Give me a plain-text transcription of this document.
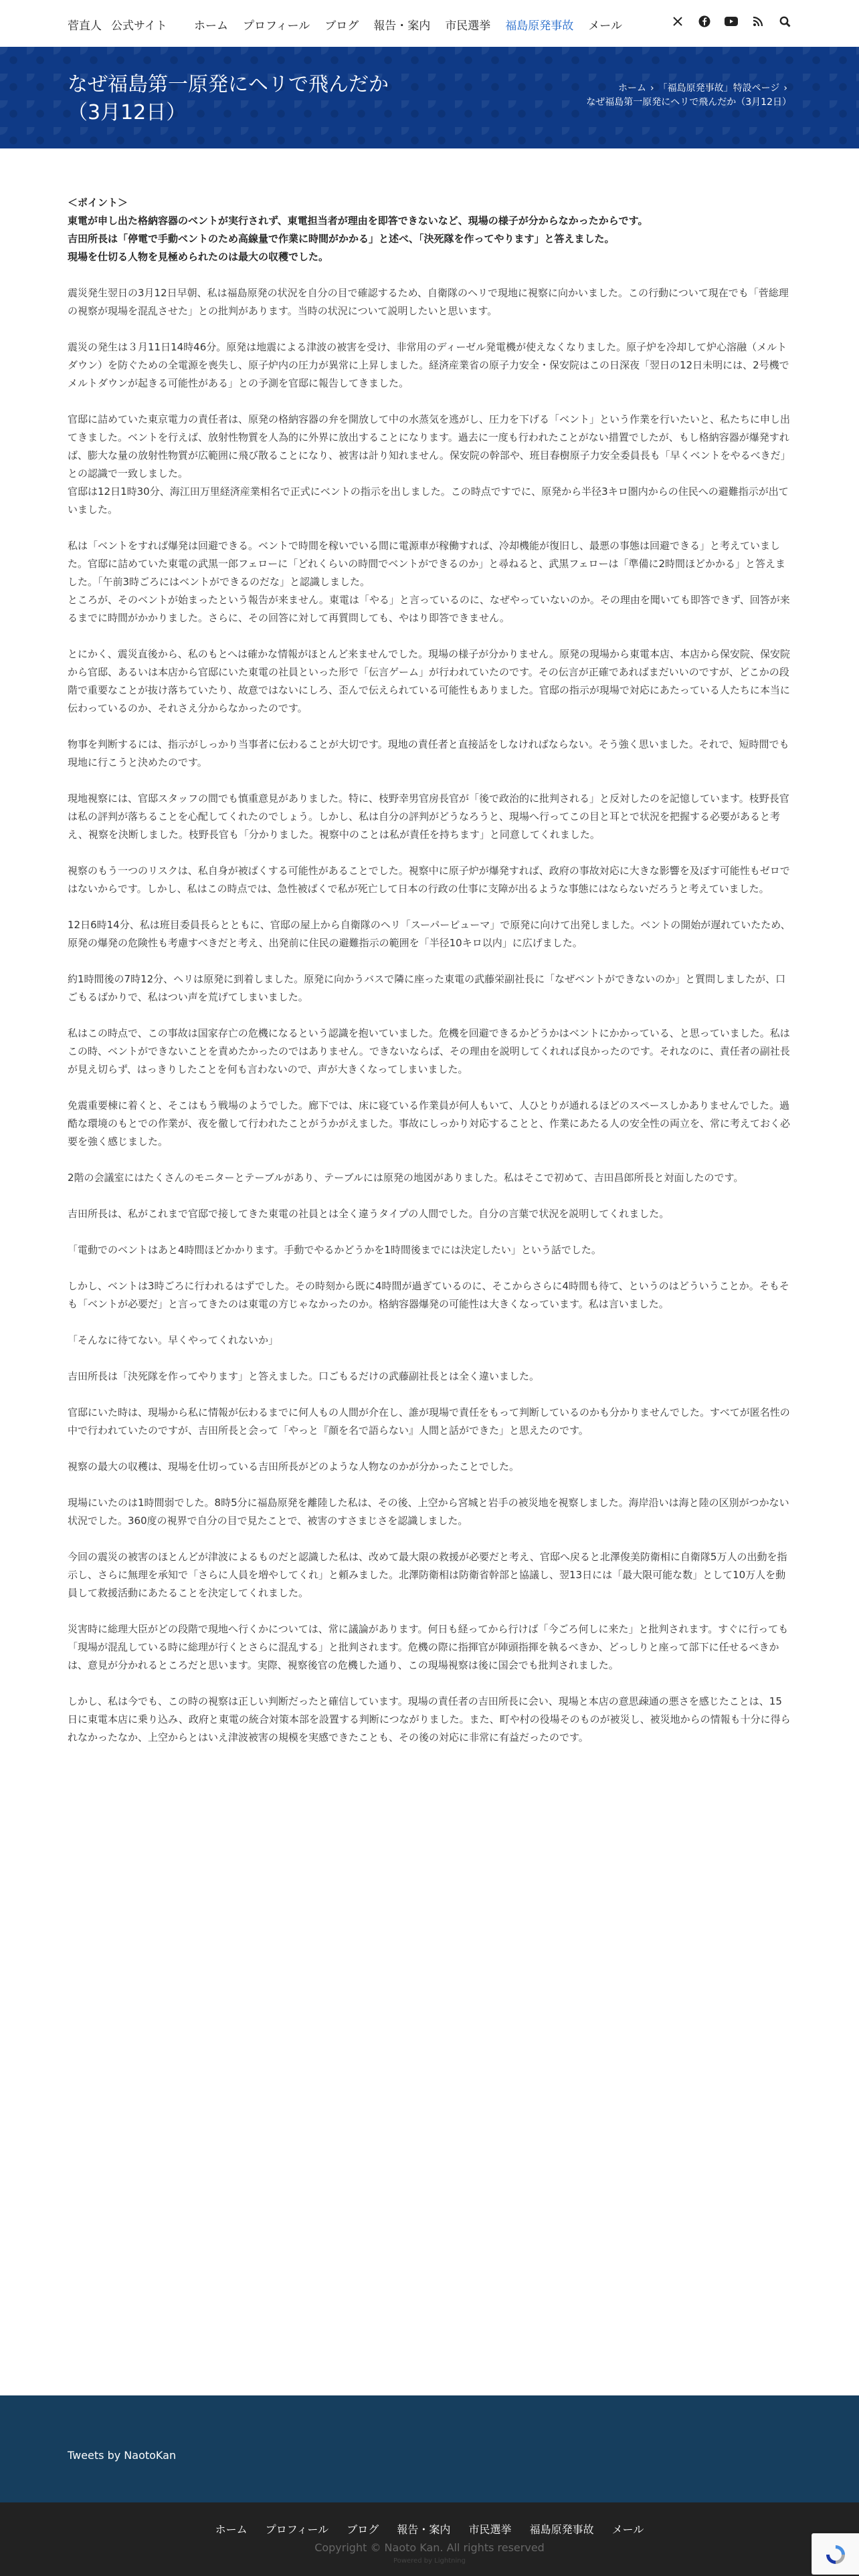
菅直人 公式サイト	ホーム プロフィール ブログ 報告・案内 市民選挙 福島原発事故 メール
なぜ福島第一原発にヘリで飛んだか
（3月12日）
ホーム › 「福島原発事故」特設ページ ›
なぜ福島第一原発にヘリで飛んだか（3月12日）

＜ポイント＞
東電が申し出た格納容器のベントが実行されず、東電担当者が理由を即答できないなど、現場の様子が分からなかったからです。
吉田所長は「停電で手動ベントのため高線量で作業に時間がかかる」と述べ、「決死隊を作ってやります」と答えました。
現場を仕切る人物を見極められたのは最大の収穫でした。

震災発生翌日の3月12日早朝、私は福島原発の状況を自分の目で確認するため、自衛隊のヘリで現地に視察に向かいました。この行動について現在でも「菅総理の視察が現場を混乱させた」との批判があります。当時の状況について説明したいと思います。

震災の発生は３月11日14時46分。原発は地震による津波の被害を受け、非常用のディーゼル発電機が使えなくなりました。原子炉を冷却して炉心溶融（メルトダウン）を防ぐための全電源を喪失し、原子炉内の圧力が異常に上昇しました。経済産業省の原子力安全・保安院はこの日深夜「翌日の12日未明には、2号機でメルトダウンが起きる可能性がある」との予測を官邸に報告してきました。

官邸に詰めていた東京電力の責任者は、原発の格納容器の弁を開放して中の水蒸気を逃がし、圧力を下げる「ベント」という作業を行いたいと、私たちに申し出てきました。ベントを行えば、放射性物質を人為的に外界に放出することになります。過去に一度も行われたことがない措置でしたが、もし格納容器が爆発すれば、膨大な量の放射性物質が広範囲に飛び散ることになり、被害は計り知れません。保安院の幹部や、班目春樹原子力安全委員長も「早くベントをやるべきだ」との認識で一致しました。
官邸は12日1時30分、海江田万里経済産業相名で正式にベントの指示を出しました。この時点ですでに、原発から半径3キロ圏内からの住民への避難指示が出ていました。

私は「ベントをすれば爆発は回避できる。ベントで時間を稼いでいる間に電源車が稼働すれば、冷却機能が復旧し、最悪の事態は回避できる」と考えていました。官邸に詰めていた東電の武黒一郎フェローに「どれくらいの時間でベントができるのか」と尋ねると、武黒フェローは「準備に2時間ほどかかる」と答えました。「午前3時ごろにはベントができるのだな」と認識しました。
ところが、そのベントが始まったという報告が来ません。東電は「やる」と言っているのに、なぜやっていないのか。その理由を聞いても即答できず、回答が来るまでに時間がかかりました。さらに、その回答に対して再質問しても、やはり即答できません。

とにかく、震災直後から、私のもとへは確かな情報がほとんど来ませんでした。現場の様子が分かりません。原発の現場から東電本店、本店から保安院、保安院から官邸、あるいは本店から官邸にいた東電の社員といった形で「伝言ゲーム」が行われていたのです。その伝言が正確であればまだいいのですが、どこかの段階で重要なことが抜け落ちていたり、故意ではないにしろ、歪んで伝えられている可能性もありました。官邸の指示が現場で対応にあたっている人たちに本当に伝わっているのか、それさえ分からなかったのです。

物事を判断するには、指示がしっかり当事者に伝わることが大切です。現地の責任者と直接話をしなければならない。そう強く思いました。それで、短時間でも現地に行こうと決めたのです。

現地視察には、官邸スタッフの間でも慎重意見がありました。特に、枝野幸男官房長官が「後で政治的に批判される」と反対したのを記憶しています。枝野長官は私の評判が落ちることを心配してくれたのでしょう。しかし、私は自分の評判がどうなろうと、現場へ行ってこの目と耳とで状況を把握する必要があると考え、視察を決断しました。枝野長官も「分かりました。視察中のことは私が責任を持ちます」と同意してくれました。

視察のもう一つのリスクは、私自身が被ばくする可能性があることでした。視察中に原子炉が爆発すれば、政府の事故対応に大きな影響を及ぼす可能性もゼロではないからです。しかし、私はこの時点では、急性被ばくで私が死亡して日本の行政の仕事に支障が出るような事態にはならないだろうと考えていました。

12日6時14分、私は班目委員長らとともに、官邸の屋上から自衛隊のヘリ「スーパーピューマ」で原発に向けて出発しました。ベントの開始が遅れていたため、原発の爆発の危険性も考慮すべきだと考え、出発前に住民の避難指示の範囲を「半径10キロ以内」に広げました。

約1時間後の7時12分、ヘリは原発に到着しました。原発に向かうバスで隣に座った東電の武藤栄副社長に「なぜベントができないのか」と質問しましたが、口ごもるばかりで、私はつい声を荒げてしまいました。

私はこの時点で、この事故は国家存亡の危機になるという認識を抱いていました。危機を回避できるかどうかはベントにかかっている、と思っていました。私はこの時、ベントができないことを責めたかったのではありません。できないならば、その理由を説明してくれれば良かったのです。それなのに、責任者の副社長が見え切らず、はっきりしたことを何も言わないので、声が大きくなってしまいました。

免震重要棟に着くと、そこはもう戦場のようでした。廊下では、床に寝ている作業員が何人もいて、人ひとりが通れるほどのスペースしかありませんでした。過酷な環境のもとでの作業が、夜を徹して行われたことがうかがえました。事故にしっかり対応することと、作業にあたる人の安全性の両立を、常に考えておく必要を強く感じました。

2階の会議室にはたくさんのモニターとテーブルがあり、テーブルには原発の地図がありました。私はそこで初めて、吉田昌郎所長と対面したのです。

吉田所長は、私がこれまで官邸で接してきた東電の社員とは全く違うタイプの人間でした。自分の言葉で状況を説明してくれました。

「電動でのベントはあと4時間ほどかかります。手動でやるかどうかを1時間後までには決定したい」という話でした。

しかし、ベントは3時ごろに行われるはずでした。その時刻から既に4時間が過ぎているのに、そこからさらに4時間も待て、というのはどういうことか。そもそも「ベントが必要だ」と言ってきたのは東電の方じゃなかったのか。格納容器爆発の可能性は大きくなっています。私は言いました。

「そんなに待てない。早くやってくれないか」

吉田所長は「決死隊を作ってやります」と答えました。口ごもるだけの武藤副社長とは全く違いました。

官邸にいた時は、現場から私に情報が伝わるまでに何人もの人間が介在し、誰が現場で責任をもって判断しているのかも分かりませんでした。すべてが匿名性の中で行われていたのですが、吉田所長と会って「やっと『顔を名で語らない』人間と話ができた」と思えたのです。

視察の最大の収穫は、現場を仕切っている吉田所長がどのような人物なのかが分かったことでした。

現場にいたのは1時間弱でした。8時5分に福島原発を離陸した私は、その後、上空から宮城と岩手の被災地を視察しました。海岸沿いは海と陸の区別がつかない状況でした。360度の視界で自分の目で見たことで、被害のすさまじさを認識しました。

今回の震災の被害のほとんどが津波によるものだと認識した私は、改めて最大限の救援が必要だと考え、官邸へ戻ると北澤俊美防衛相に自衛隊5万人の出動を指示し、さらに無理を承知で「さらに人員を増やしてくれ」と頼みました。北澤防衛相は防衛省幹部と協議し、翌13日には「最大限可能な数」として10万人を動員して救援活動にあたることを決定してくれました。

災害時に総理大臣がどの段階で現地へ行くかについては、常に議論があります。何日も経ってから行けば「今ごろ何しに来た」と批判されます。すぐに行っても「現場が混乱している時に総理が行くとさらに混乱する」と批判されます。危機の際に指揮官が陣頭指揮を執るべきか、どっしりと座って部下に任せるべきかは、意見が分かれるところだと思います。実際、視察後官の危機した通り、この現場視察は後に国会でも批判されました。

しかし、私は今でも、この時の視察は正しい判断だったと確信しています。現場の責任者の吉田所長に会い、現場と本店の意思疎通の悪さを感じたことは、15日に東電本店に乗り込み、政府と東電の統合対策本部を設置する判断につながりました。また、町や村の役場そのものが被災し、被災地からの情報も十分に得られなかったなか、上空からとはいえ津波被害の規模を実感できたことも、その後の対応に非常に有益だったのです。

Tweets by NaotoKan
ホーム プロフィール ブログ 報告・案内 市民選挙 福島原発事故 メール
Copyright © Naoto Kan. All rights reserved
Powered by Lightning
